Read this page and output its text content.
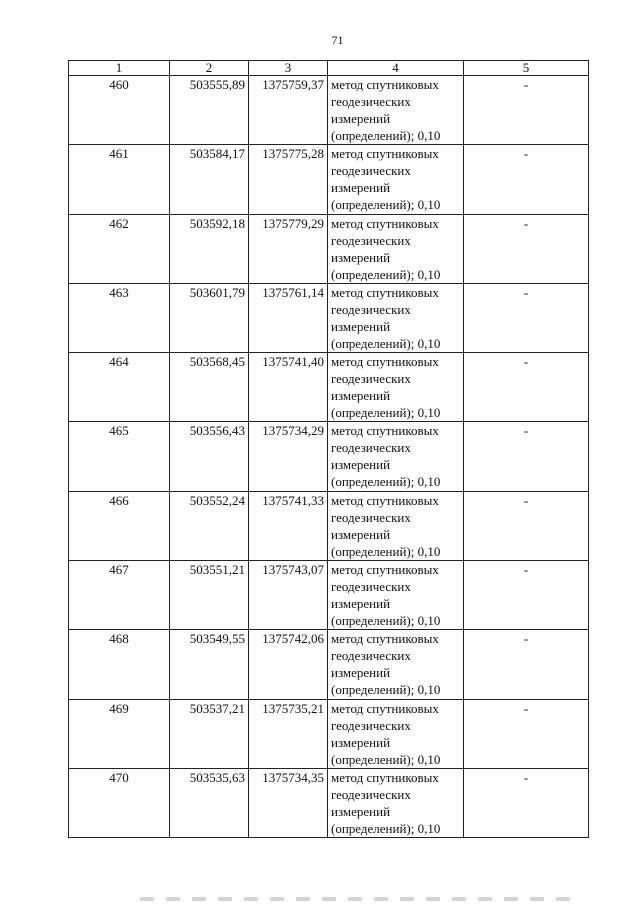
71
1	2	3	4	5
460	503555,89	1375759,37	метод спутниковых
геодезических
измерений
(определений); 0,10	-
461	503584,17	1375775,28	метод спутниковых
геодезических
измерений
(определений); 0,10	-
462	503592,18	1375779,29	метод спутниковых
геодезических
измерений
(определений); 0,10	-
463	503601,79	1375761,14	метод спутниковых
геодезических
измерений
(определений); 0,10	-
464	503568,45	1375741,40	метод спутниковых
геодезических
измерений
(определений); 0,10	-
465	503556,43	1375734,29	метод спутниковых
геодезических
измерений
(определений); 0,10	-
466	503552,24	1375741,33	метод спутниковых
геодезических
измерений
(определений); 0,10	-
467	503551,21	1375743,07	метод спутниковых
геодезических
измерений
(определений); 0,10	-
468	503549,55	1375742,06	метод спутниковых
геодезических
измерений
(определений); 0,10	-
469	503537,21	1375735,21	метод спутниковых
геодезических
измерений
(определений); 0,10	-
470	503535,63	1375734,35	метод спутниковых
геодезических
измерений
(определений); 0,10	-
